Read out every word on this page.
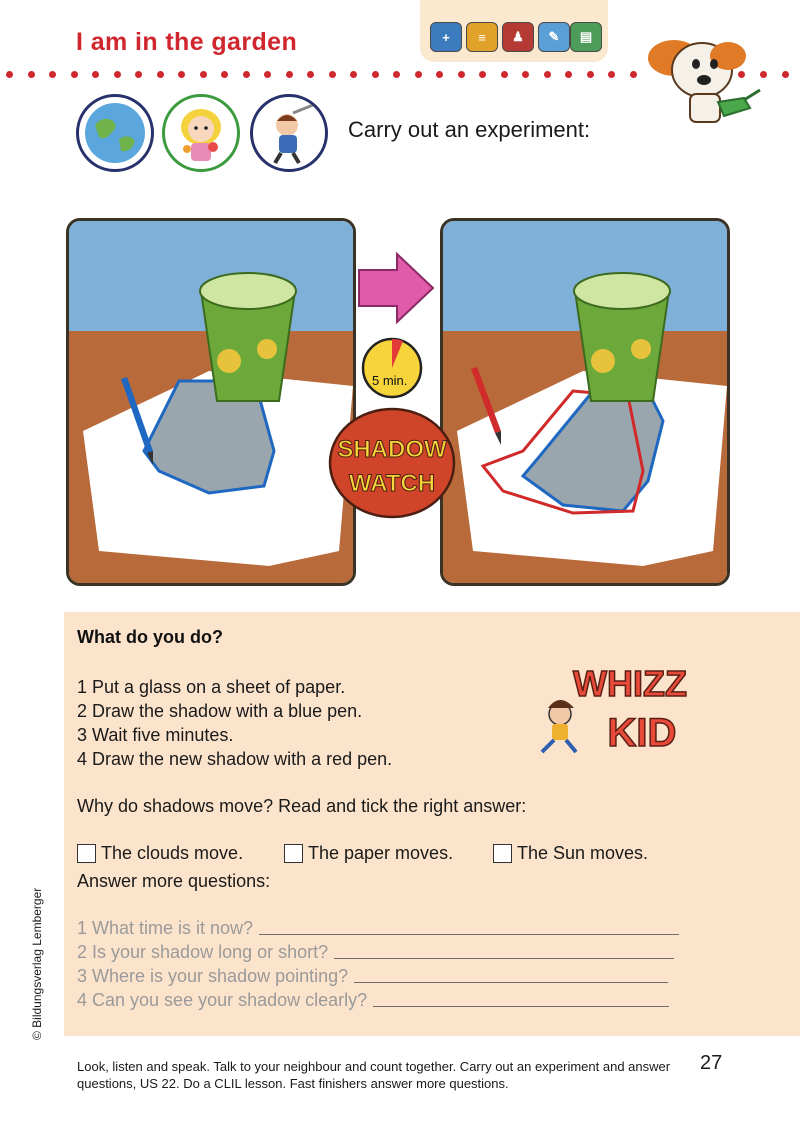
I am in the garden	+	≡	♟	✎	▤
Carry out an experiment:
5 min.
SHADOW
WATCH
What do you do?
1 Put a glass on a sheet of paper.
2 Draw the shadow with a blue pen.
3 Wait five minutes.
4 Draw the new shadow with a red pen.
WHIZZ
KID
Why do shadows move? Read and tick the right answer:
The clouds move.	The paper moves.	The Sun moves.
Answer more questions:
1 What time is it now?
2 Is your shadow long or short?
3 Where is your shadow pointing?
4 Can you see your shadow clearly?
© Bildungsverlag Lemberger
27
Look, listen and speak. Talk to your neighbour and count together. Carry out an experiment and answer questions, US 22. Do a CLIL lesson. Fast finishers answer more questions.
